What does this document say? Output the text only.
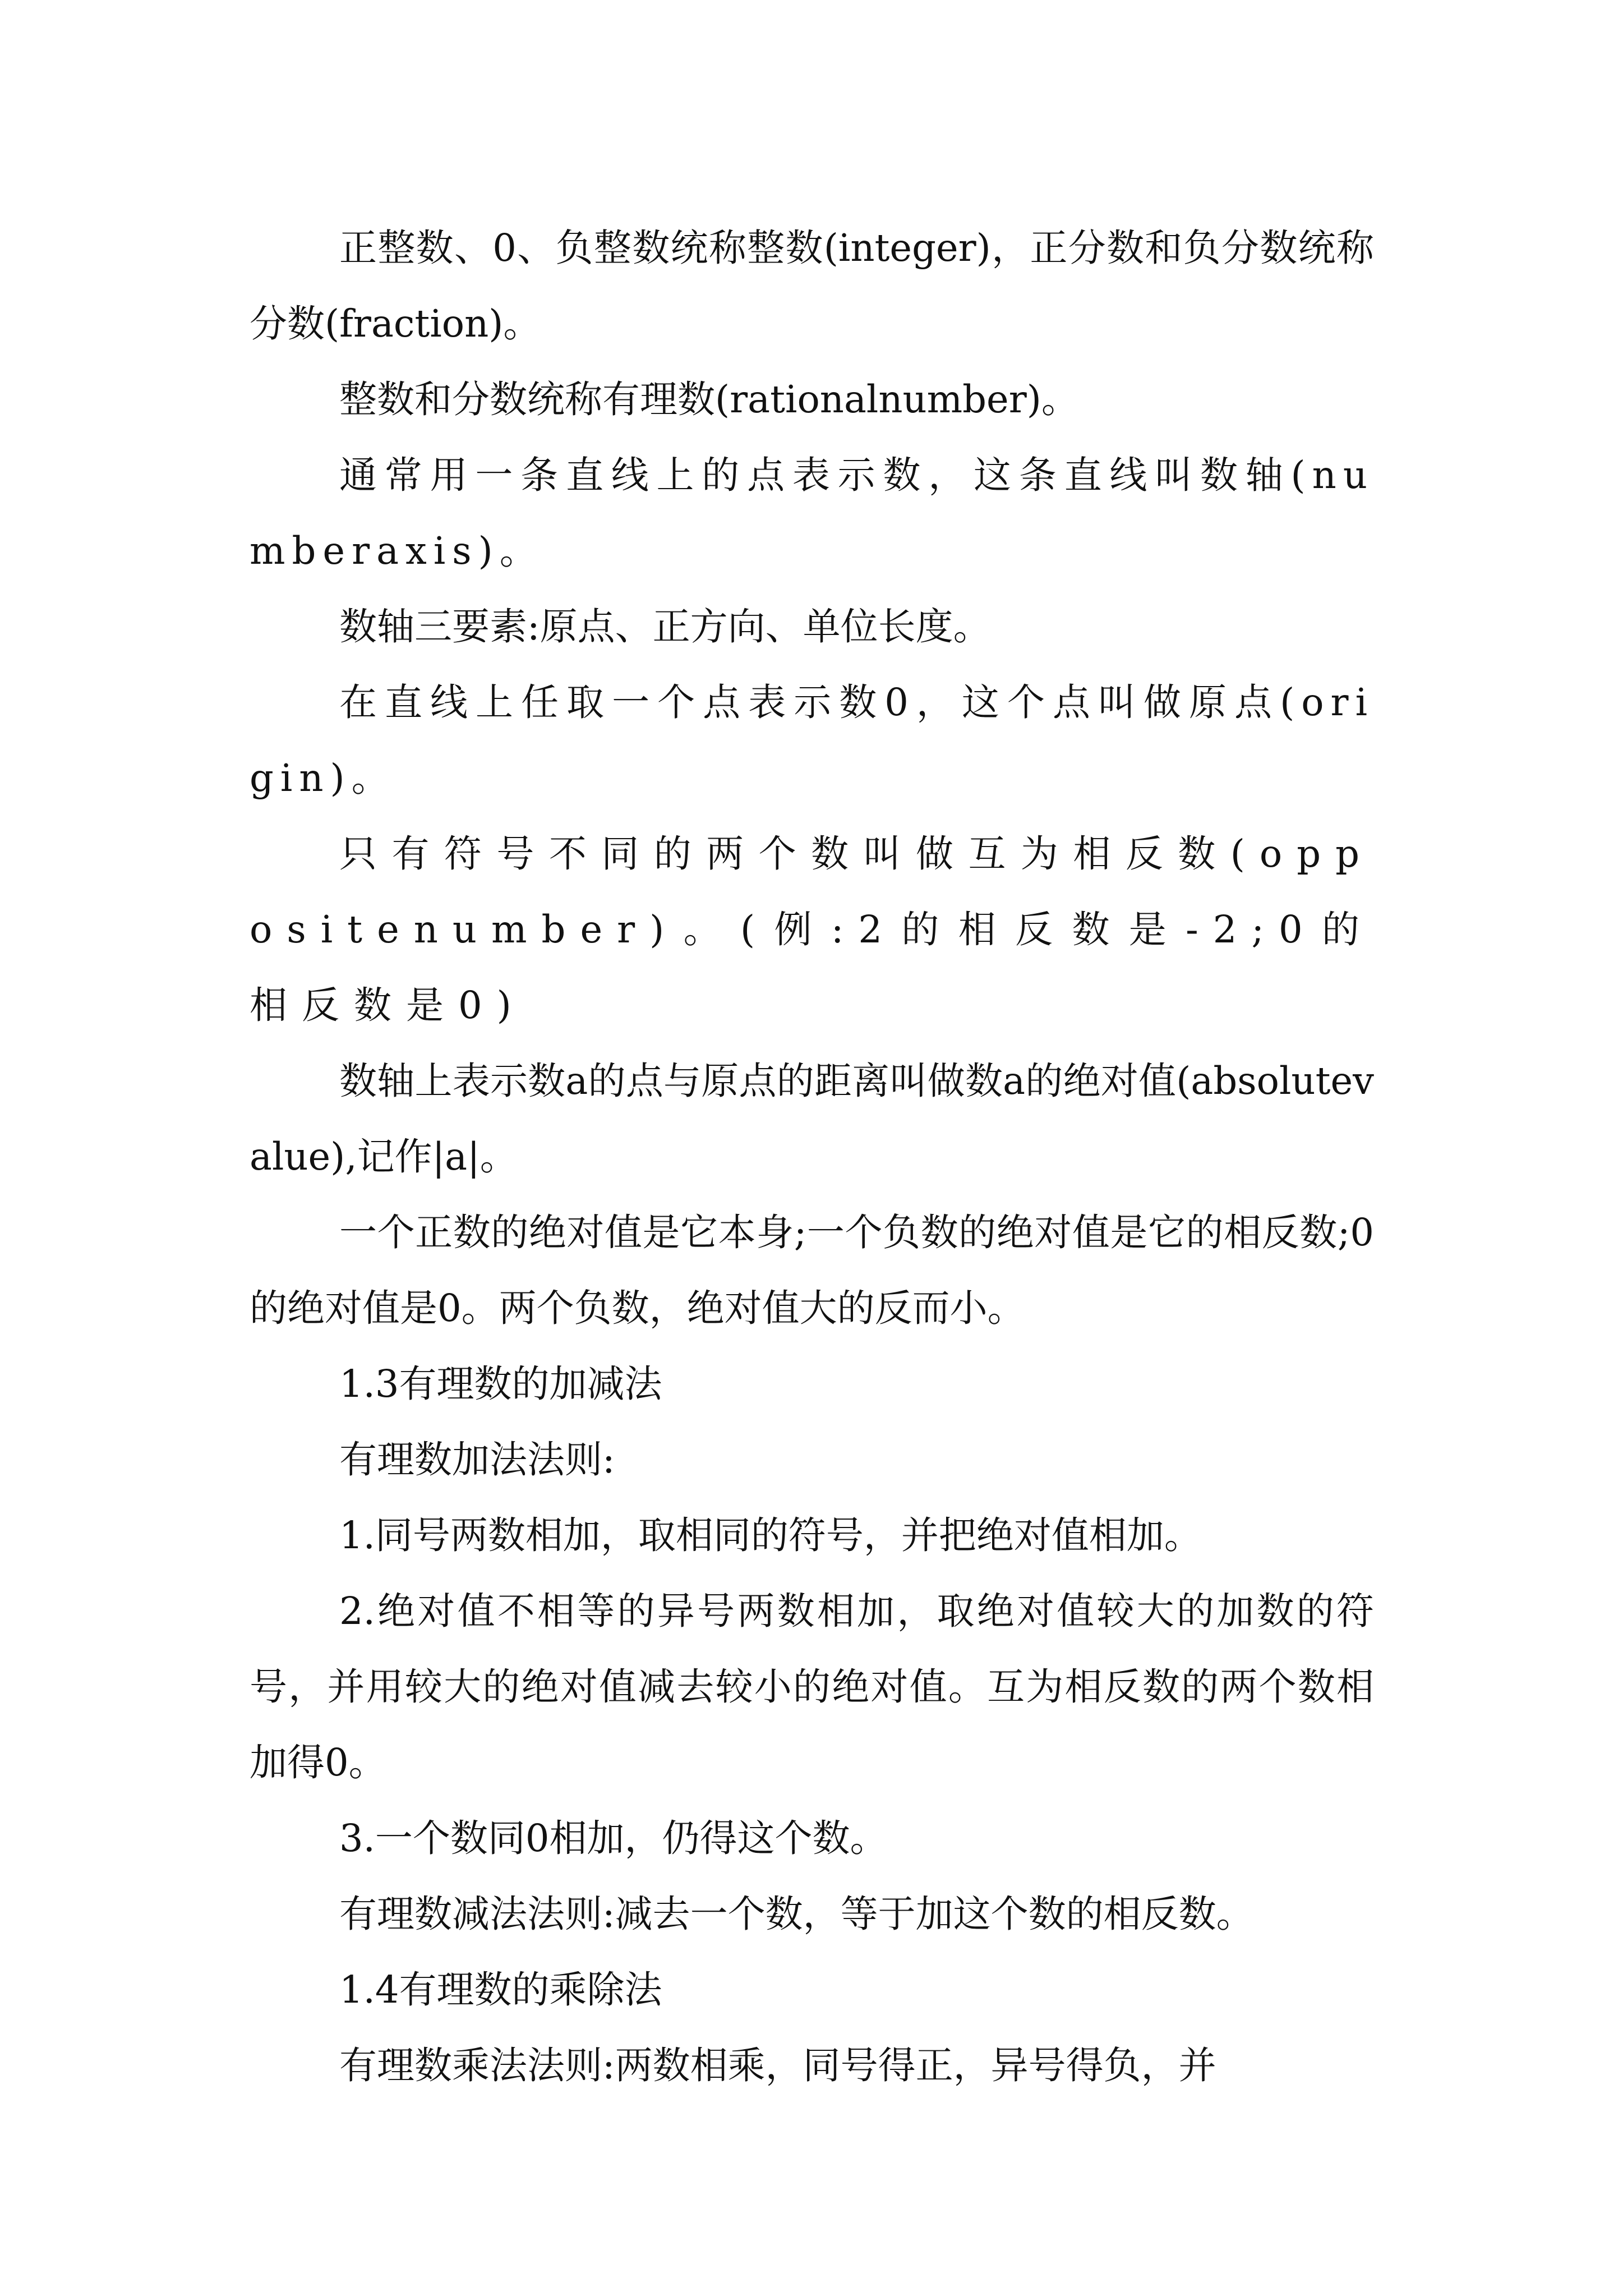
正整数、0、负整数统称整数(integer)，正分数和负分数统称分数(fraction)。

整数和分数统称有理数(rationalnumber)。

通常用一条直线上的点表示数，这条直线叫数轴(numberaxis)。

数轴三要素:原点、正方向、单位长度。

在直线上任取一个点表示数0，这个点叫做原点(origin)。

只有符号不同的两个数叫做互为相反数(oppositenumber)。(例:2的相反数是-2;0的相反数是0)

数轴上表示数a的点与原点的距离叫做数a的绝对值(absolutevalue),记作|a|。

一个正数的绝对值是它本身;一个负数的绝对值是它的相反数;0的绝对值是0。两个负数，绝对值大的反而小。

1.3有理数的加减法

有理数加法法则:

1.同号两数相加，取相同的符号，并把绝对值相加。

2.绝对值不相等的异号两数相加，取绝对值较大的加数的符号，并用较大的绝对值减去较小的绝对值。互为相反数的两个数相加得0。

3.一个数同0相加，仍得这个数。

有理数减法法则:减去一个数，等于加这个数的相反数。

1.4有理数的乘除法

有理数乘法法则:两数相乘，同号得正，异号得负，并
